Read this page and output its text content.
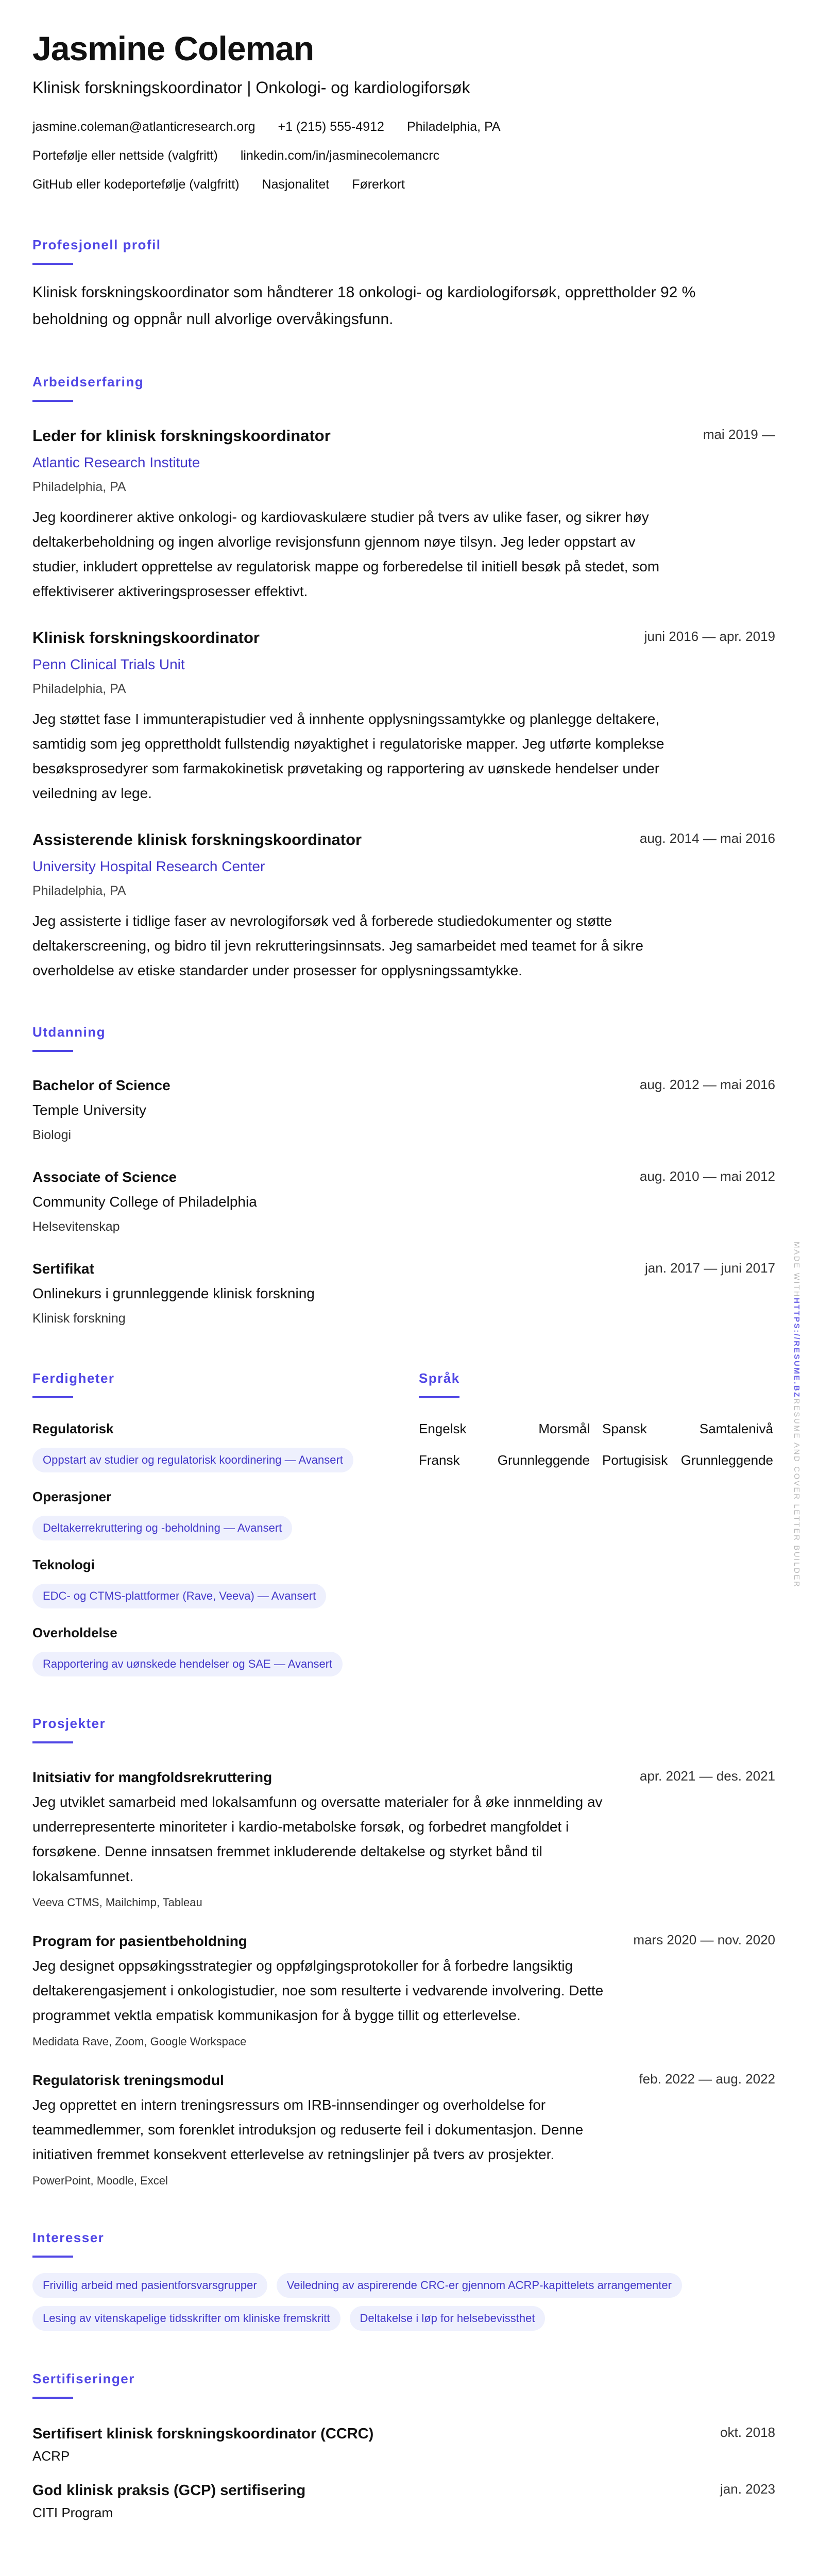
Jasmine Coleman
Klinisk forskningskoordinator | Onkologi- og kardiologiforsøk
jasmine.coleman@atlanticresearch.org +1 (215) 555-4912 Philadelphia, PA
Portefølje eller nettside (valgfritt) linkedin.com/in/jasminecolemancrc
GitHub eller kodeportefølje (valgfritt) Nasjonalitet Førerkort
Profesjonell profil

Klinisk forskningskoordinator som håndterer 18 onkologi- og kardiologiforsøk, opprettholder 92 % beholdning og oppnår null alvorlige overvåkingsfunn.

Arbeidserfaring
Leder for klinisk forskningskoordinator	mai 2019 —
Atlantic Research Institute
Philadelphia, PA
Jeg koordinerer aktive onkologi- og kardiovaskulære studier på tvers av ulike faser, og sikrer høy deltakerbeholdning og ingen alvorlige revisjonsfunn gjennom nøye tilsyn. Jeg leder oppstart av studier, inkludert opprettelse av regulatorisk mappe og forberedelse til initiell besøk på stedet, som effektiviserer aktiveringsprosesser effektivt.
Klinisk forskningskoordinator	juni 2016 — apr. 2019
Penn Clinical Trials Unit
Philadelphia, PA
Jeg støttet fase I immunterapistudier ved å innhente opplysningssamtykke og planlegge deltakere, samtidig som jeg opprettholdt fullstendig nøyaktighet i regulatoriske mapper. Jeg utførte komplekse besøksprosedyrer som farmakokinetisk prøvetaking og rapportering av uønskede hendelser under veiledning av lege.
Assisterende klinisk forskningskoordinator	aug. 2014 — mai 2016
University Hospital Research Center
Philadelphia, PA
Jeg assisterte i tidlige faser av nevrologiforsøk ved å forberede studiedokumenter og støtte deltakerscreening, og bidro til jevn rekrutteringsinnsats. Jeg samarbeidet med teamet for å sikre overholdelse av etiske standarder under prosesser for opplysningssamtykke.
Utdanning
Bachelor of Science	aug. 2012 — mai 2016
Temple University
Biologi
Associate of Science	aug. 2010 — mai 2012
Community College of Philadelphia
Helsevitenskap
Sertifikat	jan. 2017 — juni 2017
Onlinekurs i grunnleggende klinisk forskning
Klinisk forskning
Ferdigheter
Regulatorisk
Oppstart av studier og regulatorisk koordinering — Avansert
Operasjoner
Deltakerrekruttering og -beholdning — Avansert
Teknologi
EDC- og CTMS-plattformer (Rave, Veeva) — Avansert
Overholdelse
Rapportering av uønskede hendelser og SAE — Avansert
Språk
Engelsk	Morsmål Spansk	Samtalenivå
Fransk	Grunnleggende Portugisisk Grunnleggende
Prosjekter
Initsiativ for mangfoldsrekruttering	apr. 2021 — des. 2021
Jeg utviklet samarbeid med lokalsamfunn og oversatte materialer for å øke innmelding av underrepresenterte minoriteter i kardio-metabolske forsøk, og forbedret mangfoldet i forsøkene. Denne innsatsen fremmet inkluderende deltakelse og styrket bånd til lokalsamfunnet.
Veeva CTMS, Mailchimp, Tableau
Program for pasientbeholdning	mars 2020 — nov. 2020
Jeg designet oppsøkingsstrategier og oppfølgingsprotokoller for å forbedre langsiktig deltakerengasjement i onkologistudier, noe som resulterte i vedvarende involvering. Dette programmet vektla empatisk kommunikasjon for å bygge tillit og etterlevelse.
Medidata Rave, Zoom, Google Workspace
Regulatorisk treningsmodul	feb. 2022 — aug. 2022
Jeg opprettet en intern treningsressurs om IRB-innsendinger og overholdelse for teammedlemmer, som forenklet introduksjon og reduserte feil i dokumentasjon. Denne initiativen fremmet konsekvent etterlevelse av retningslinjer på tvers av prosjekter.
PowerPoint, Moodle, Excel
Interesser
Frivillig arbeid med pasientforsvarsgrupper	Veiledning av aspirerende CRC-er gjennom ACRP-kapittelets arrangementer
Lesing av vitenskapelige tidsskrifter om kliniske fremskritt	Deltakelse i løp for helsebevissthet
Sertifiseringer
Sertifisert klinisk forskningskoordinator (CCRC)	okt. 2018
ACRP
God klinisk praksis (GCP) sertifisering	jan. 2023
CITI Program
MADE WITHHTTPS://RESUME.BZRESUME AND COVER LETTER BUILDER
